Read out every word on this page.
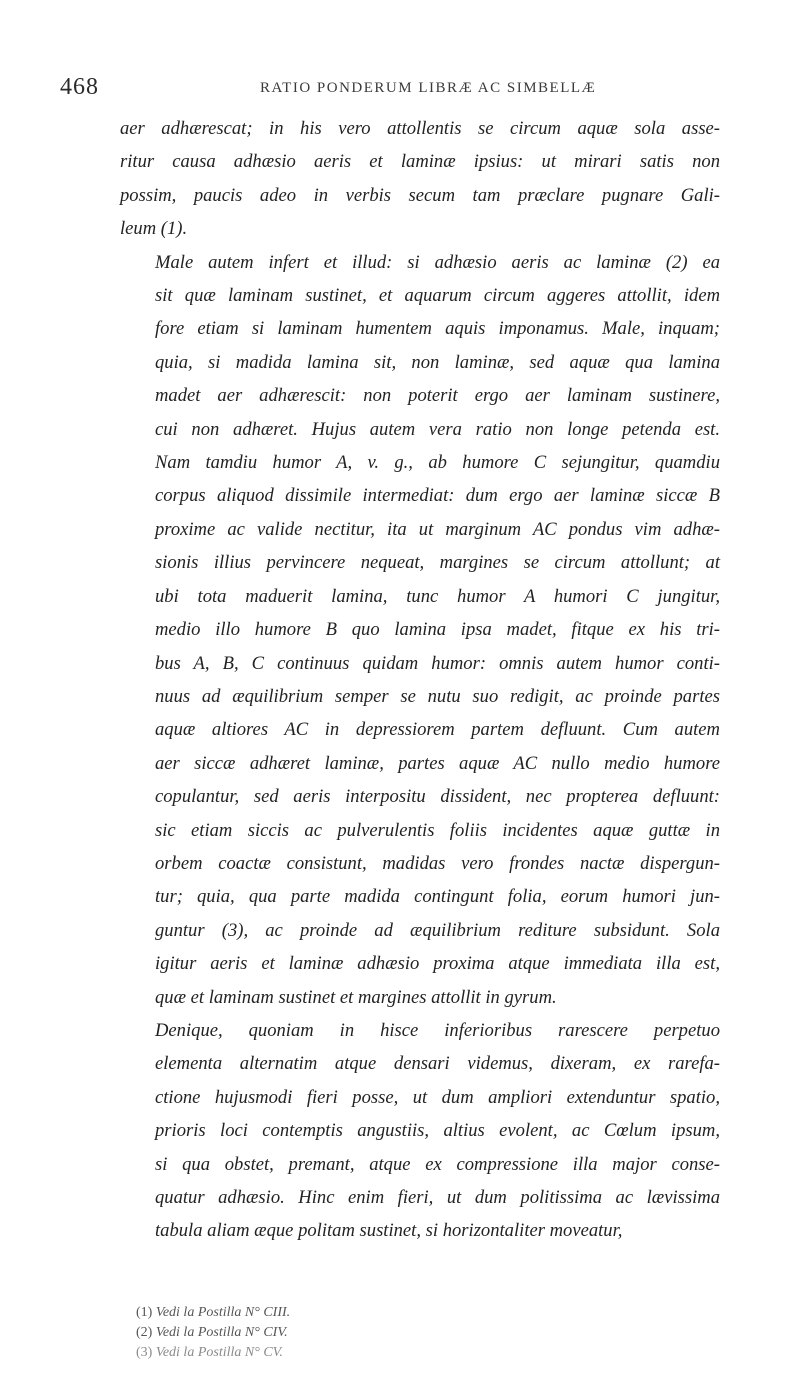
468	RATIO PONDERUM LIBRÆ AC SIMBELLÆ

aer adhærescat; in his vero attollentis se circum aquæ sola asse-
ritur causa adhæsio aeris et laminæ ipsius: ut mirari satis non
possim, paucis adeo in verbis secum tam præclare pugnare Gali-
leum (1).

Male autem infert et illud: si adhæsio aeris ac laminæ (2) ea
sit quæ laminam sustinet, et aquarum circum aggeres attollit, idem
fore etiam si laminam humentem aquis imponamus. Male, inquam;
quia, si madida lamina sit, non laminæ, sed aquæ qua lamina
madet aer adhærescit: non poterit ergo aer laminam sustinere,
cui non adhæret. Hujus autem vera ratio non longe petenda est.
Nam tamdiu humor A, v. g., ab humore C sejungitur, quamdiu
corpus aliquod dissimile intermediat: dum ergo aer laminæ siccæ B
proxime ac valide nectitur, ita ut marginum AC pondus vim adhæ-
sionis illius pervincere nequeat, margines se circum attollunt; at
ubi tota maduerit lamina, tunc humor A humori C jungitur,
medio illo humore B quo lamina ipsa madet, fitque ex his tri-
bus A, B, C continuus quidam humor: omnis autem humor conti-
nuus ad æquilibrium semper se nutu suo redigit, ac proinde partes
aquæ altiores AC in depressiorem partem defluunt. Cum autem
aer siccæ adhæret laminæ, partes aquæ AC nullo medio humore
copulantur, sed aeris interpositu dissident, nec propterea defluunt:
sic etiam siccis ac pulverulentis foliis incidentes aquæ guttæ in
orbem coactæ consistunt, madidas vero frondes nactæ dispergun-
tur; quia, qua parte madida contingunt folia, eorum humori jun-
guntur (3), ac proinde ad æquilibrium rediture subsidunt. Sola
igitur aeris et laminæ adhæsio proxima atque immediata illa est,
quæ et laminam sustinet et margines attollit in gyrum.

Denique, quoniam in hisce inferioribus rarescere perpetuo
elementa alternatim atque densari videmus, dixeram, ex rarefa-
ctione hujusmodi fieri posse, ut dum ampliori extenduntur spatio,
prioris loci contemptis angustiis, altius evolent, ac Cœlum ipsum,
si qua obstet, premant, atque ex compressione illa major conse-
quatur adhæsio. Hinc enim fieri, ut dum politissima ac lævissima
tabula aliam æque politam sustinet, si horizontaliter moveatur,

(1) Vedi la Postilla N° CIII.
(2) Vedi la Postilla N° CIV.
(3) Vedi la Postilla N° CV.
